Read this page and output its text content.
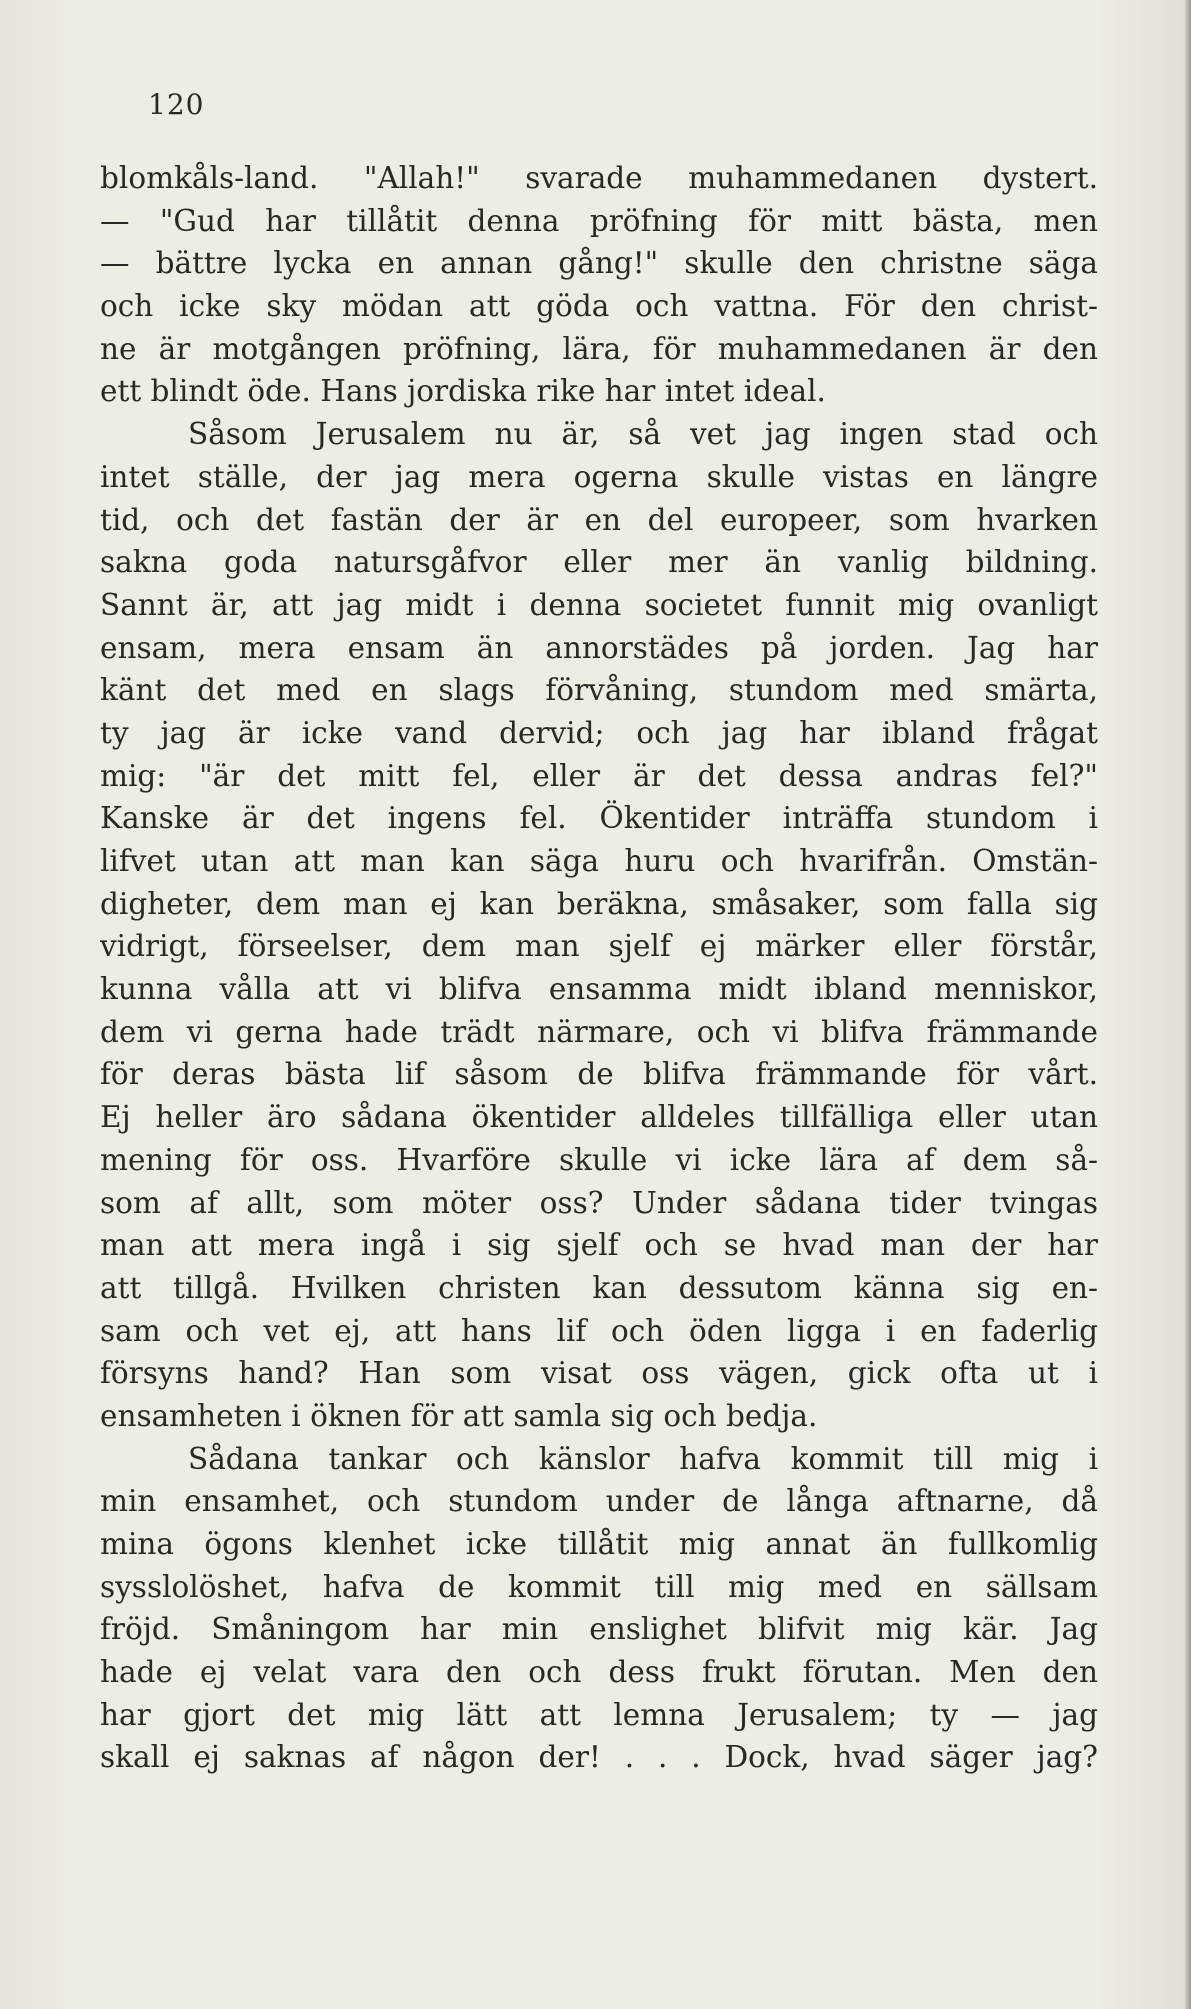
120
blomkåls-land. "Allah!" svarade muhammedanen dystert.
— "Gud har tillåtit denna pröfning för mitt bästa, men
— bättre lycka en annan gång!" skulle den christne säga
och icke sky mödan att göda och vattna. För den christ-
ne är motgången pröfning, lära, för muhammedanen är den
ett blindt öde. Hans jordiska rike har intet ideal.
Såsom Jerusalem nu är, så vet jag ingen stad och
intet ställe, der jag mera ogerna skulle vistas en längre
tid, och det fastän der är en del europeer, som hvarken
sakna goda natursgåfvor eller mer än vanlig bildning.
Sannt är, att jag midt i denna societet funnit mig ovanligt
ensam, mera ensam än annorstädes på jorden. Jag har
känt det med en slags förvåning, stundom med smärta,
ty jag är icke vand dervid; och jag har ibland frågat
mig: "är det mitt fel, eller är det dessa andras fel?"
Kanske är det ingens fel. Ökentider inträffa stundom i
lifvet utan att man kan säga huru och hvarifrån. Omstän-
digheter, dem man ej kan beräkna, småsaker, som falla sig
vidrigt, förseelser, dem man sjelf ej märker eller förstår,
kunna vålla att vi blifva ensamma midt ibland menniskor,
dem vi gerna hade trädt närmare, och vi blifva främmande
för deras bästa lif såsom de blifva främmande för vårt.
Ej heller äro sådana ökentider alldeles tillfälliga eller utan
mening för oss. Hvarföre skulle vi icke lära af dem så-
som af allt, som möter oss? Under sådana tider tvingas
man att mera ingå i sig sjelf och se hvad man der har
att tillgå. Hvilken christen kan dessutom känna sig en-
sam och vet ej, att hans lif och öden ligga i en faderlig
försyns hand? Han som visat oss vägen, gick ofta ut i
ensamheten i öknen för att samla sig och bedja.
Sådana tankar och känslor hafva kommit till mig i
min ensamhet, och stundom under de långa aftnarne, då
mina ögons klenhet icke tillåtit mig annat än fullkomlig
sysslolöshet, hafva de kommit till mig med en sällsam
fröjd. Småningom har min enslighet blifvit mig kär. Jag
hade ej velat vara den och dess frukt förutan. Men den
har gjort det mig lätt att lemna Jerusalem; ty — jag
skall ej saknas af någon der! . . . Dock, hvad säger jag?
